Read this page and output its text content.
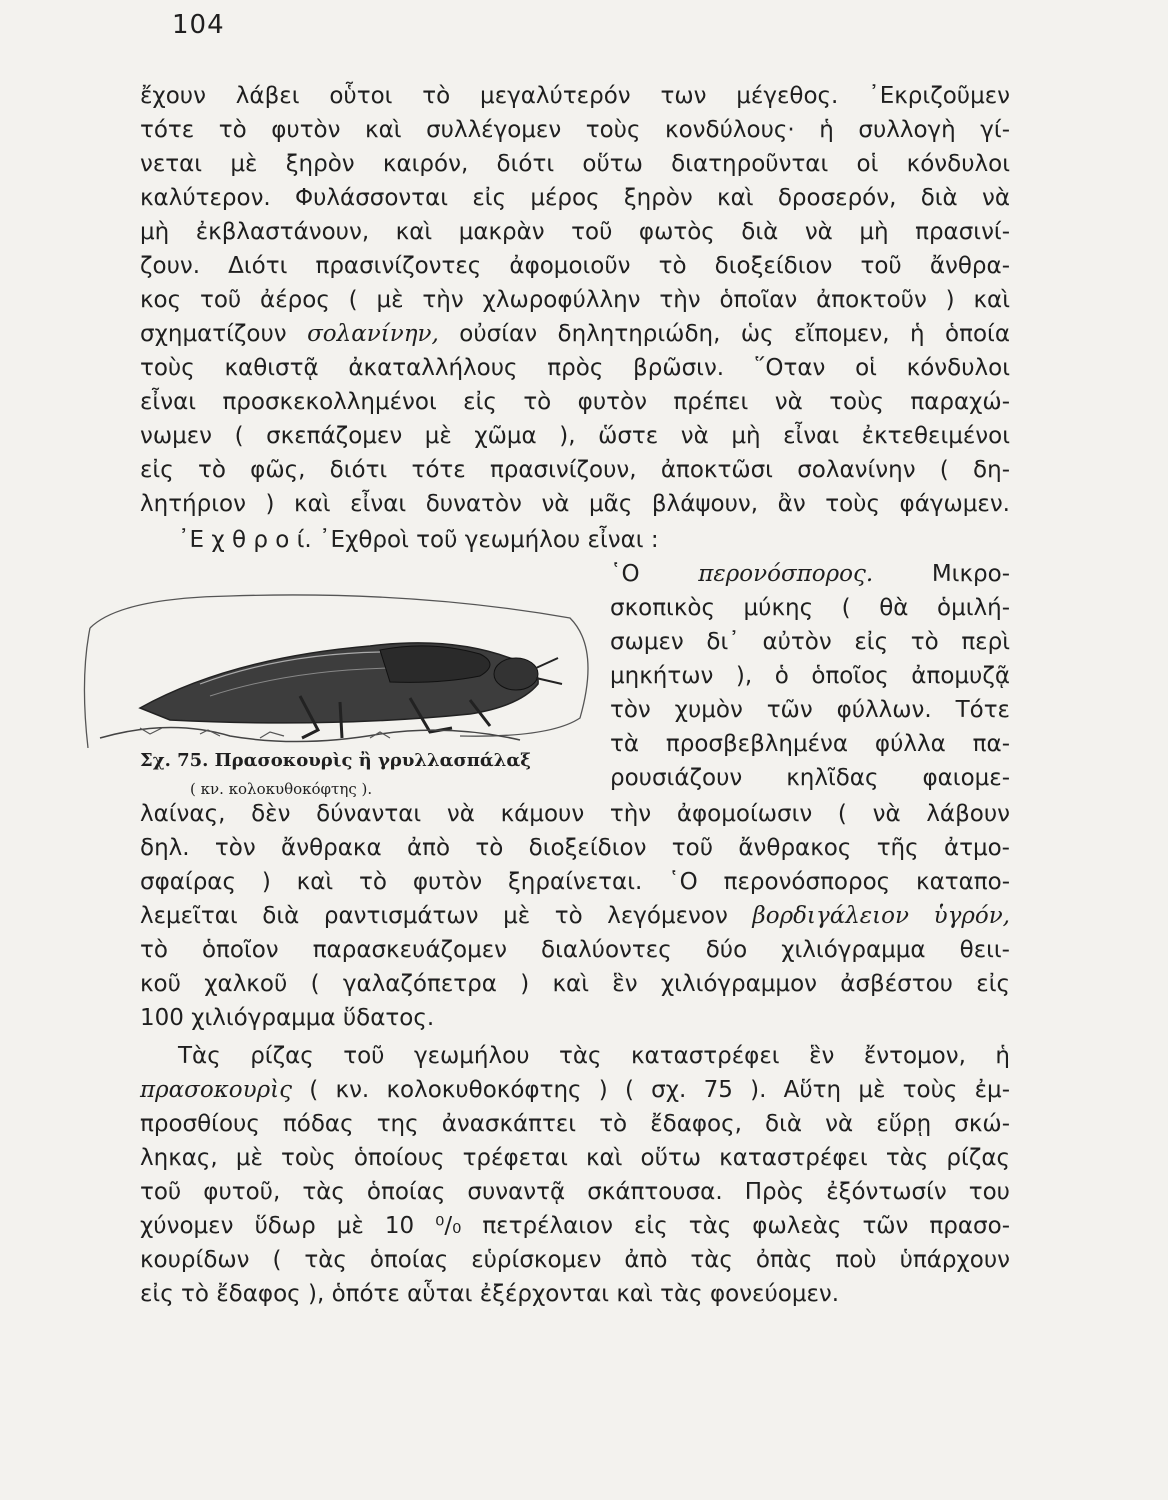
104
ἔχουν λάβει οὗτοι τὸ μεγαλύτερόν των μέγεθος. ᾿Εκριζοῦμεν
τότε τὸ φυτὸν καὶ συλλέγομεν τοὺς κονδύλους· ἡ συλλογὴ γί-
νεται μὲ ξηρὸν καιρόν, διότι οὕτω διατηροῦνται οἱ κόνδυλοι
καλύτερον. Φυλάσσονται εἰς μέρος ξηρὸν καὶ δροσερόν, διὰ νὰ
μὴ ἐκβλαστάνουν, καὶ μακρὰν τοῦ φωτὸς διὰ νὰ μὴ πρασινί-
ζουν. Διότι πρασινίζοντες ἀφομοιοῦν τὸ διοξείδιον τοῦ ἄνθρα-
κος τοῦ ἀέρος ( μὲ τὴν χλωροφύλλην τὴν ὁποῖαν ἀποκτοῦν ) καὶ
σχηματίζουν σολανίνην, οὐσίαν δηλητηριώδη, ὡς εἴπομεν, ἡ ὁποία
τοὺς καθιστᾷ ἀκαταλλήλους πρὸς βρῶσιν. ῞Οταν οἱ κόνδυλοι
εἶναι προσκεκολλημένοι εἰς τὸ φυτὸν πρέπει νὰ τοὺς παραχώ-
νωμεν ( σκεπάζομεν μὲ χῶμα ), ὥστε νὰ μὴ εἶναι ἐκτεθειμένοι
εἰς τὸ φῶς, διότι τότε πρασινίζουν, ἀποκτῶσι σολανίνην ( δη-
λητήριον ) καὶ εἶναι δυνατὸν νὰ μᾶς βλάψουν, ἂν τοὺς φάγωμεν.
᾿Ε χ θ ρ ο ί. ᾿Εχθροὶ τοῦ γεωμήλου εἶναι :
῾Ο περονόσπορος. Μικρο-
σκοπικὸς μύκης ( θὰ ὁμιλή-
σωμεν δι᾿ αὐτὸν εἰς τὸ περὶ
μηκήτων ), ὁ ὁποῖος ἀπομυζᾷ
τὸν χυμὸν τῶν φύλλων. Τότε
τὰ προσβεβλημένα φύλλα πα-
ρουσιάζουν κηλῖδας φαιομε-
λαίνας, δὲν δύνανται νὰ κάμουν τὴν ἀφομοίωσιν ( νὰ λάβουν
δηλ. τὸν ἄνθρακα ἀπὸ τὸ διοξείδιον τοῦ ἄνθρακος τῆς ἀτμο-
σφαίρας ) καὶ τὸ φυτὸν ξηραίνεται. ῾Ο περονόσπορος καταπο-
λεμεῖται διὰ ραντισμάτων μὲ τὸ λεγόμενον βορδιγάλειον ὑγρόν,
τὸ ὁποῖον παρασκευάζομεν διαλύοντες δύο χιλιόγραμμα θειι-
κοῦ χαλκοῦ ( γαλαζόπετρα ) καὶ ἓν χιλιόγραμμον ἀσβέστου εἰς
100 χιλιόγραμμα ὕδατος.
Τὰς ρίζας τοῦ γεωμήλου τὰς καταστρέφει ἓν ἔντομον, ἡ
πρασοκουρὶς ( κν. κολοκυθοκόφτης ) ( σχ. 75 ). Αὕτη μὲ τοὺς ἐμ-
προσθίους πόδας της ἀνασκάπτει τὸ ἔδαφος, διὰ νὰ εὕρῃ σκώ-
ληκας, μὲ τοὺς ὁποίους τρέφεται καὶ οὕτω καταστρέφει τὰς ρίζας
τοῦ φυτοῦ, τὰς ὁποίας συναντᾷ σκάπτουσα. Πρὸς ἐξόντωσίν του
χύνομεν ὕδωρ μὲ 10 ⁰/₀ πετρέλαιον εἰς τὰς φωλεὰς τῶν πρασο-
κουρίδων ( τὰς ὁποίας εὑρίσκομεν ἀπὸ τὰς ὀπὰς ποὺ ὑπάρχουν
εἰς τὸ ἔδαφος ), ὁπότε αὗται ἐξέρχονται καὶ τὰς φονεύομεν.
Σχ. 75. Πρασοκουρὶς ἢ γρυλλασπάλαξ
( κν. κολοκυθοκόφτης ).
